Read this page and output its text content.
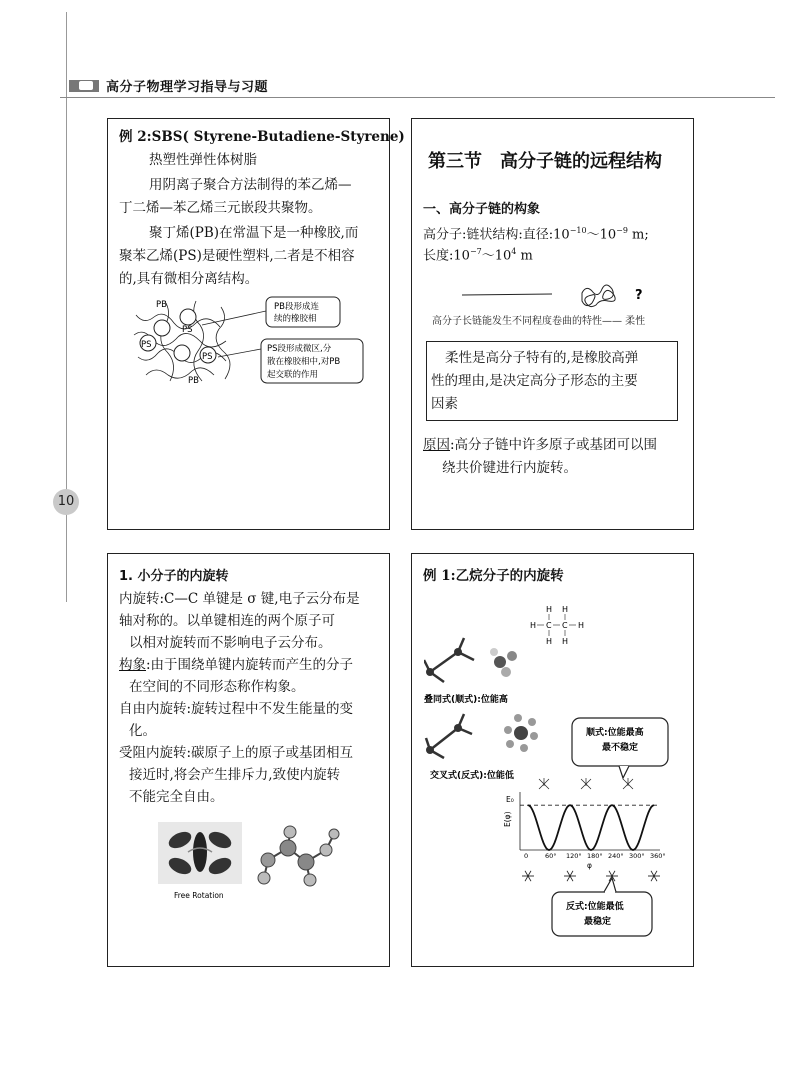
高分子物理学习指导与习题
10
例 2:SBS( Styrene-Butadiene-Styrene)
热塑性弹性体树脂
用阴离子聚合方法制得的苯乙烯—
丁二烯—苯乙烯三元嵌段共聚物。
聚丁烯(PB)在常温下是一种橡胶,而
聚苯乙烯(PS)是硬性塑料,二者是不相容
的,具有微相分离结构。
PB
PS
PS
PS
PB
PB段形成连
续的橡胶相
PS段形成微区,分
散在橡胶相中,对PB
起交联的作用
第三节　高分子链的远程结构
一、高分子链的构象
高分子:链状结构:直径$:10^{-10}\sim 10^{-9}$ m;
长度$:10^{-7}\sim 10^4$ m
?
高分子长链能发生不同程度卷曲的特性—— 柔性
柔性是高分子特有的,是橡胶高弹
性的理由,是决定高分子形态的主要
因素
原因:高分子链中许多原子或基团可以围
绕共价键进行内旋转。
1. 小分子的内旋转
内旋转:C—C 单键是 σ 键,电子云分布是
轴对称的。以单键相连的两个原子可
以相对旋转而不影响电子云分布。
构象:由于围绕单键内旋转而产生的分子
在空间的不同形态称作构象。
自由内旋转:旋转过程中不发生能量的变
化。
受阻内旋转:碳原子上的原子或基团相互
接近时,将会产生排斥力,致使内旋转
不能完全自由。
Free Rotation
例 1:乙烷分子的内旋转
H H
H C C H
H H
叠同式(顺式):位能高
交叉式(反式):位能低
顺式:位能最高
最不稳定
E₀
E(φ)
0	60° 120° 180° 240° 300° 360°
φ
反式:位能最低
最稳定
